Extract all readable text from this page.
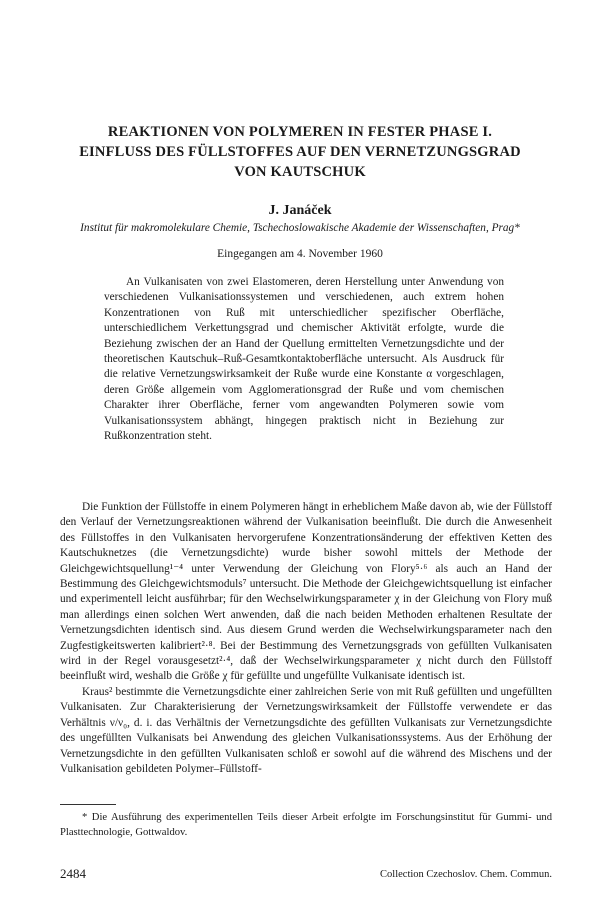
REAKTIONEN VON POLYMEREN IN FESTER PHASE I.
EINFLUSS DES FÜLLSTOFFES AUF DEN VERNETZUNGSGRAD
VON KAUTSCHUK
J. Janáček
Institut für makromolekulare Chemie, Tschechoslowakische Akademie der Wissenschaften, Prag*
Eingegangen am 4. November 1960
An Vulkanisaten von zwei Elastomeren, deren Herstellung unter Anwendung von verschiedenen Vulkanisationssystemen und verschiedenen, auch extrem hohen Konzentrationen von Ruß mit unterschiedlicher spezifischer Oberfläche, unterschiedlichem Verkettungsgrad und chemischer Aktivität erfolgte, wurde die Beziehung zwischen der an Hand der Quellung ermittelten Vernetzungsdichte und der theoretischen Kautschuk–Ruß-Gesamtkontaktoberfläche untersucht. Als Ausdruck für die relative Vernetzungswirksamkeit der Ruße wurde eine Konstante α vorgeschlagen, deren Größe allgemein vom Agglomerationsgrad der Ruße und vom chemischen Charakter ihrer Oberfläche, ferner vom angewandten Polymeren sowie vom Vulkanisationssystem abhängt, hingegen praktisch nicht in Beziehung zur Rußkonzentration steht.

Die Funktion der Füllstoffe in einem Polymeren hängt in erheblichem Maße davon ab, wie der Füllstoff den Verlauf der Vernetzungsreaktionen während der Vulkanisation beeinflußt. Die durch die Anwesenheit des Füllstoffes in den Vulkanisaten hervorgerufene Konzentrationsänderung der effektiven Ketten des Kautschuknetzes (die Vernetzungsdichte) wurde bisher sowohl mittels der Methode der Gleichgewichtsquellung¹⁻⁴ unter Verwendung der Gleichung von Flory⁵·⁶ als auch an Hand der Bestimmung des Gleichgewichtsmoduls⁷ untersucht. Die Methode der Gleichgewichtsquellung ist einfacher und experimentell leicht ausführbar; für den Wechselwirkungsparameter χ in der Gleichung von Flory muß man allerdings einen solchen Wert anwenden, daß die nach beiden Methoden erhaltenen Resultate der Vernetzungsdichten identisch sind. Aus diesem Grund werden die Wechselwirkungsparameter nach den Zugfestigkeitswerten kalibriert²·⁸. Bei der Bestimmung des Vernetzungsgrads von gefüllten Vulkanisaten wird in der Regel vorausgesetzt²·⁴, daß der Wechselwirkungsparameter χ nicht durch den Füllstoff beeinflußt wird, weshalb die Größe χ für gefüllte und ungefüllte Vulkanisate identisch ist.

Kraus² bestimmte die Vernetzungsdichte einer zahlreichen Serie von mit Ruß gefüllten und ungefüllten Vulkanisaten. Zur Charakterisierung der Vernetzungswirksamkeit der Füllstoffe verwendete er das Verhältnis ν/ν₀, d. i. das Verhältnis der Vernetzungsdichte des gefüllten Vulkanisats zur Vernetzungsdichte des ungefüllten Vulkanisats bei Anwendung des gleichen Vulkanisationssystems. Aus der Erhöhung der Vernetzungsdichte in den gefüllten Vulkanisaten schloß er sowohl auf die während des Mischens und der Vulkanisation gebildeten Polymer–Füllstoff-

* Die Ausführung des experimentellen Teils dieser Arbeit erfolgte im Forschungsinstitut für Gummi- und Plasttechnologie, Gottwaldov.
2484	Collection Czechoslov. Chem. Commun.
